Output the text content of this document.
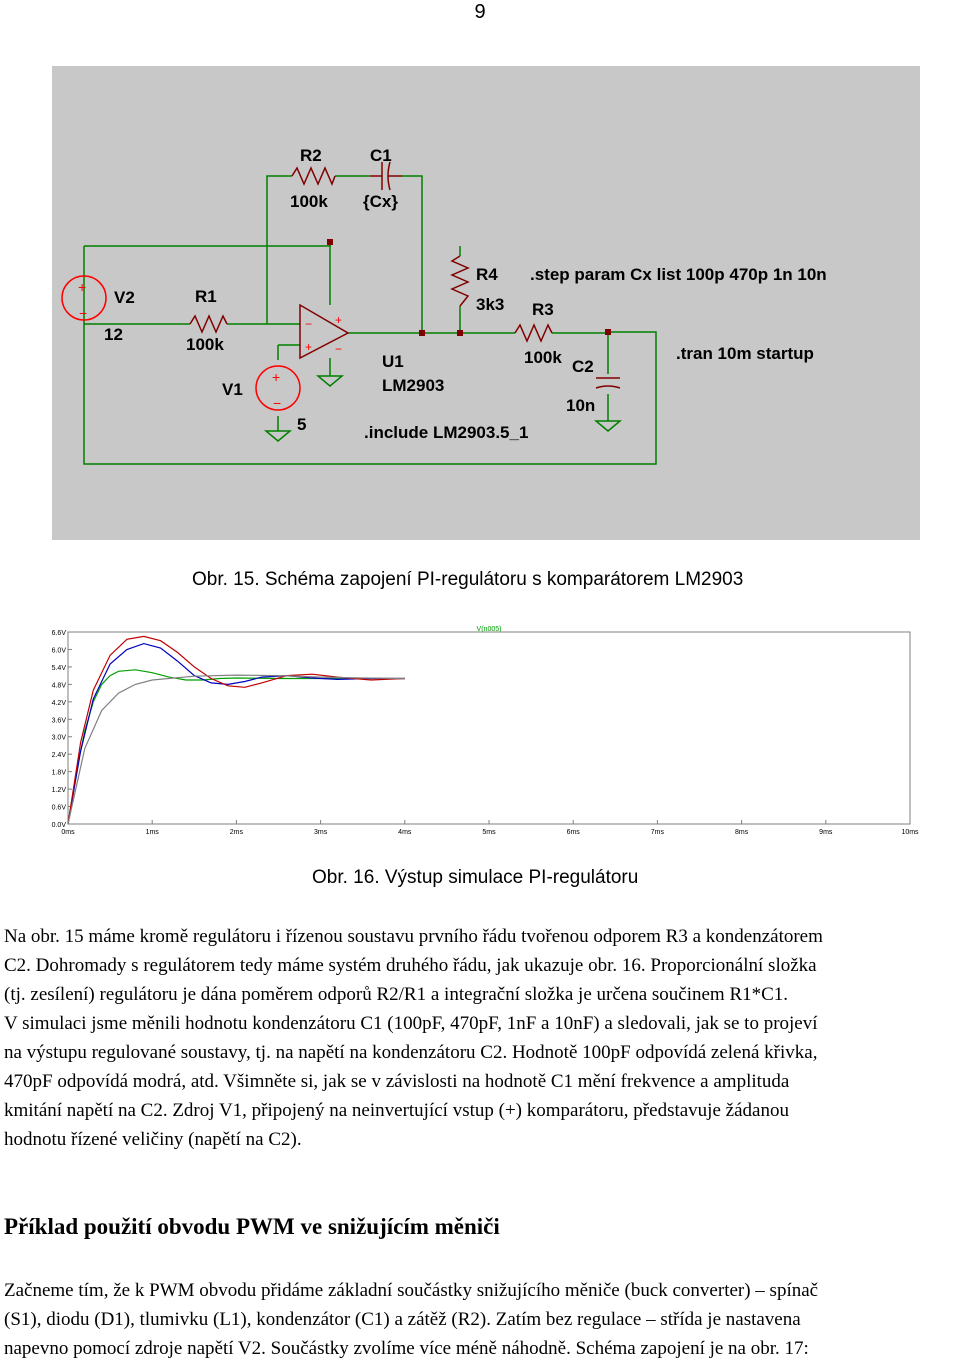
9
+
−
+ −
+
−
+
−
R2
100k
C1
{Cx}
V2
12
R1
100k
V1
5
R4
3k3 R3
100k C2
10n
U1
LM2903
.step param Cx list 100p 470p 1n 10n
.tran 10m startup
.include LM2903.5_1
Obr. 15. Schéma zapojení PI-regulátoru s komparátorem LM2903
0.0V
0.6V
1.2V
1.8V
2.4V
3.0V
3.6V
4.2V
4.8V
5.4V
6.0V
6.6V
0ms	1ms	2ms	3ms	4ms	5ms	6ms	7ms	8ms	9ms	10ms
V(n005)
Obr. 16. Výstup simulace PI-regulátoru
Na obr. 15 máme kromě regulátoru i řízenou soustavu prvního řádu tvořenou odporem R3 a kondenzátorem
C2. Dohromady s regulátorem tedy máme systém druhého řádu, jak ukazuje obr. 16. Proporcionální složka
(tj. zesílení) regulátoru je dána poměrem odporů R2/R1 a integrační složka je určena součinem R1*C1.
V simulaci jsme měnili hodnotu kondenzátoru C1 (100pF, 470pF, 1nF a 10nF) a sledovali, jak se to projeví
na výstupu regulované soustavy, tj. na napětí na kondenzátoru C2. Hodnotě 100pF odpovídá zelená křivka,
470pF odpovídá modrá, atd. Všimněte si, jak se v závislosti na hodnotě C1 mění frekvence a amplituda
kmitání napětí na C2. Zdroj V1, připojený na neinvertující vstup (+) komparátoru, představuje žádanou
hodnotu řízené veličiny (napětí na C2).
Příklad použití obvodu PWM ve snižujícím měniči
Začneme tím, že k PWM obvodu přidáme základní součástky snižujícího měniče (buck converter) – spínač
(S1), diodu (D1), tlumivku (L1), kondenzátor (C1) a zátěž (R2). Zatím bez regulace – střída je nastavena
napevno pomocí zdroje napětí V2. Součástky zvolíme více méně náhodně. Schéma zapojení je na obr. 17:
